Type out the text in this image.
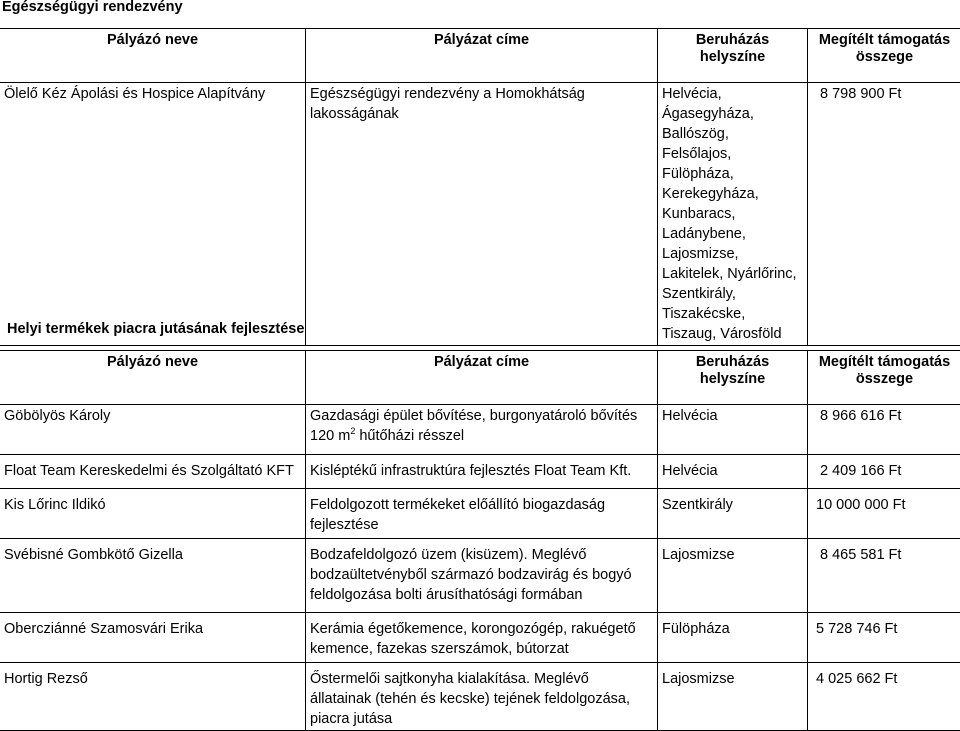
Egészségügyi rendezvény
Pályázó neve	Pályázat címe	Beruházás helyszíne	Megítélt támogatás összege
Ölelő Kéz Ápolási és Hospice Alapítvány	Egészségügyi rendezvény a Homokhátság lakosságának	Helvécia, Ágasegyháza, Ballószög, Felsőlajos, Fülöpháza, Kerekegyháza, Kunbaracs, Ladánybene, Lajosmizse, Lakitelek, Nyárlőrinc, Szentkirály, Tiszakécske, Tiszaug, Városföld	8 798 900 Ft
Helyi termékek piacra jutásának fejlesztése
Pályázó neve	Pályázat címe	Beruházás helyszíne	Megítélt támogatás összege
Göbölyös Károly	Gazdasági épület bővítése, burgonyatároló bővítés 120 $m^2$ hűtőházi résszel	Helvécia	8 966 616 Ft
Float Team Kereskedelmi és Szolgáltató KFT	Kisléptékű infrastruktúra fejlesztés Float Team Kft.	Helvécia	2 409 166 Ft
Kis Lőrinc Ildikó	Feldolgozott termékeket előállító biogazdaság fejlesztése	Szentkirály	10 000 000 Ft
Svébisné Gombkötő Gizella	Bodzafeldolgozó üzem (kisüzem). Meglévő bodzaültetvényből származó bodzavirág és bogyó feldolgozása bolti árusíthatósági formában	Lajosmizse	8 465 581 Ft
Obercziánné Szamosvári Erika	Kerámia égetőkemence, korongozógép, rakuégető kemence, fazekas szerszámok, bútorzat	Fülöpháza	5 728 746 Ft
Hortig Rezső	Őstermelői sajtkonyha kialakítása. Meglévő állatainak (tehén és kecske) tejének feldolgozása, piacra jutása	Lajosmizse	4 025 662 Ft
